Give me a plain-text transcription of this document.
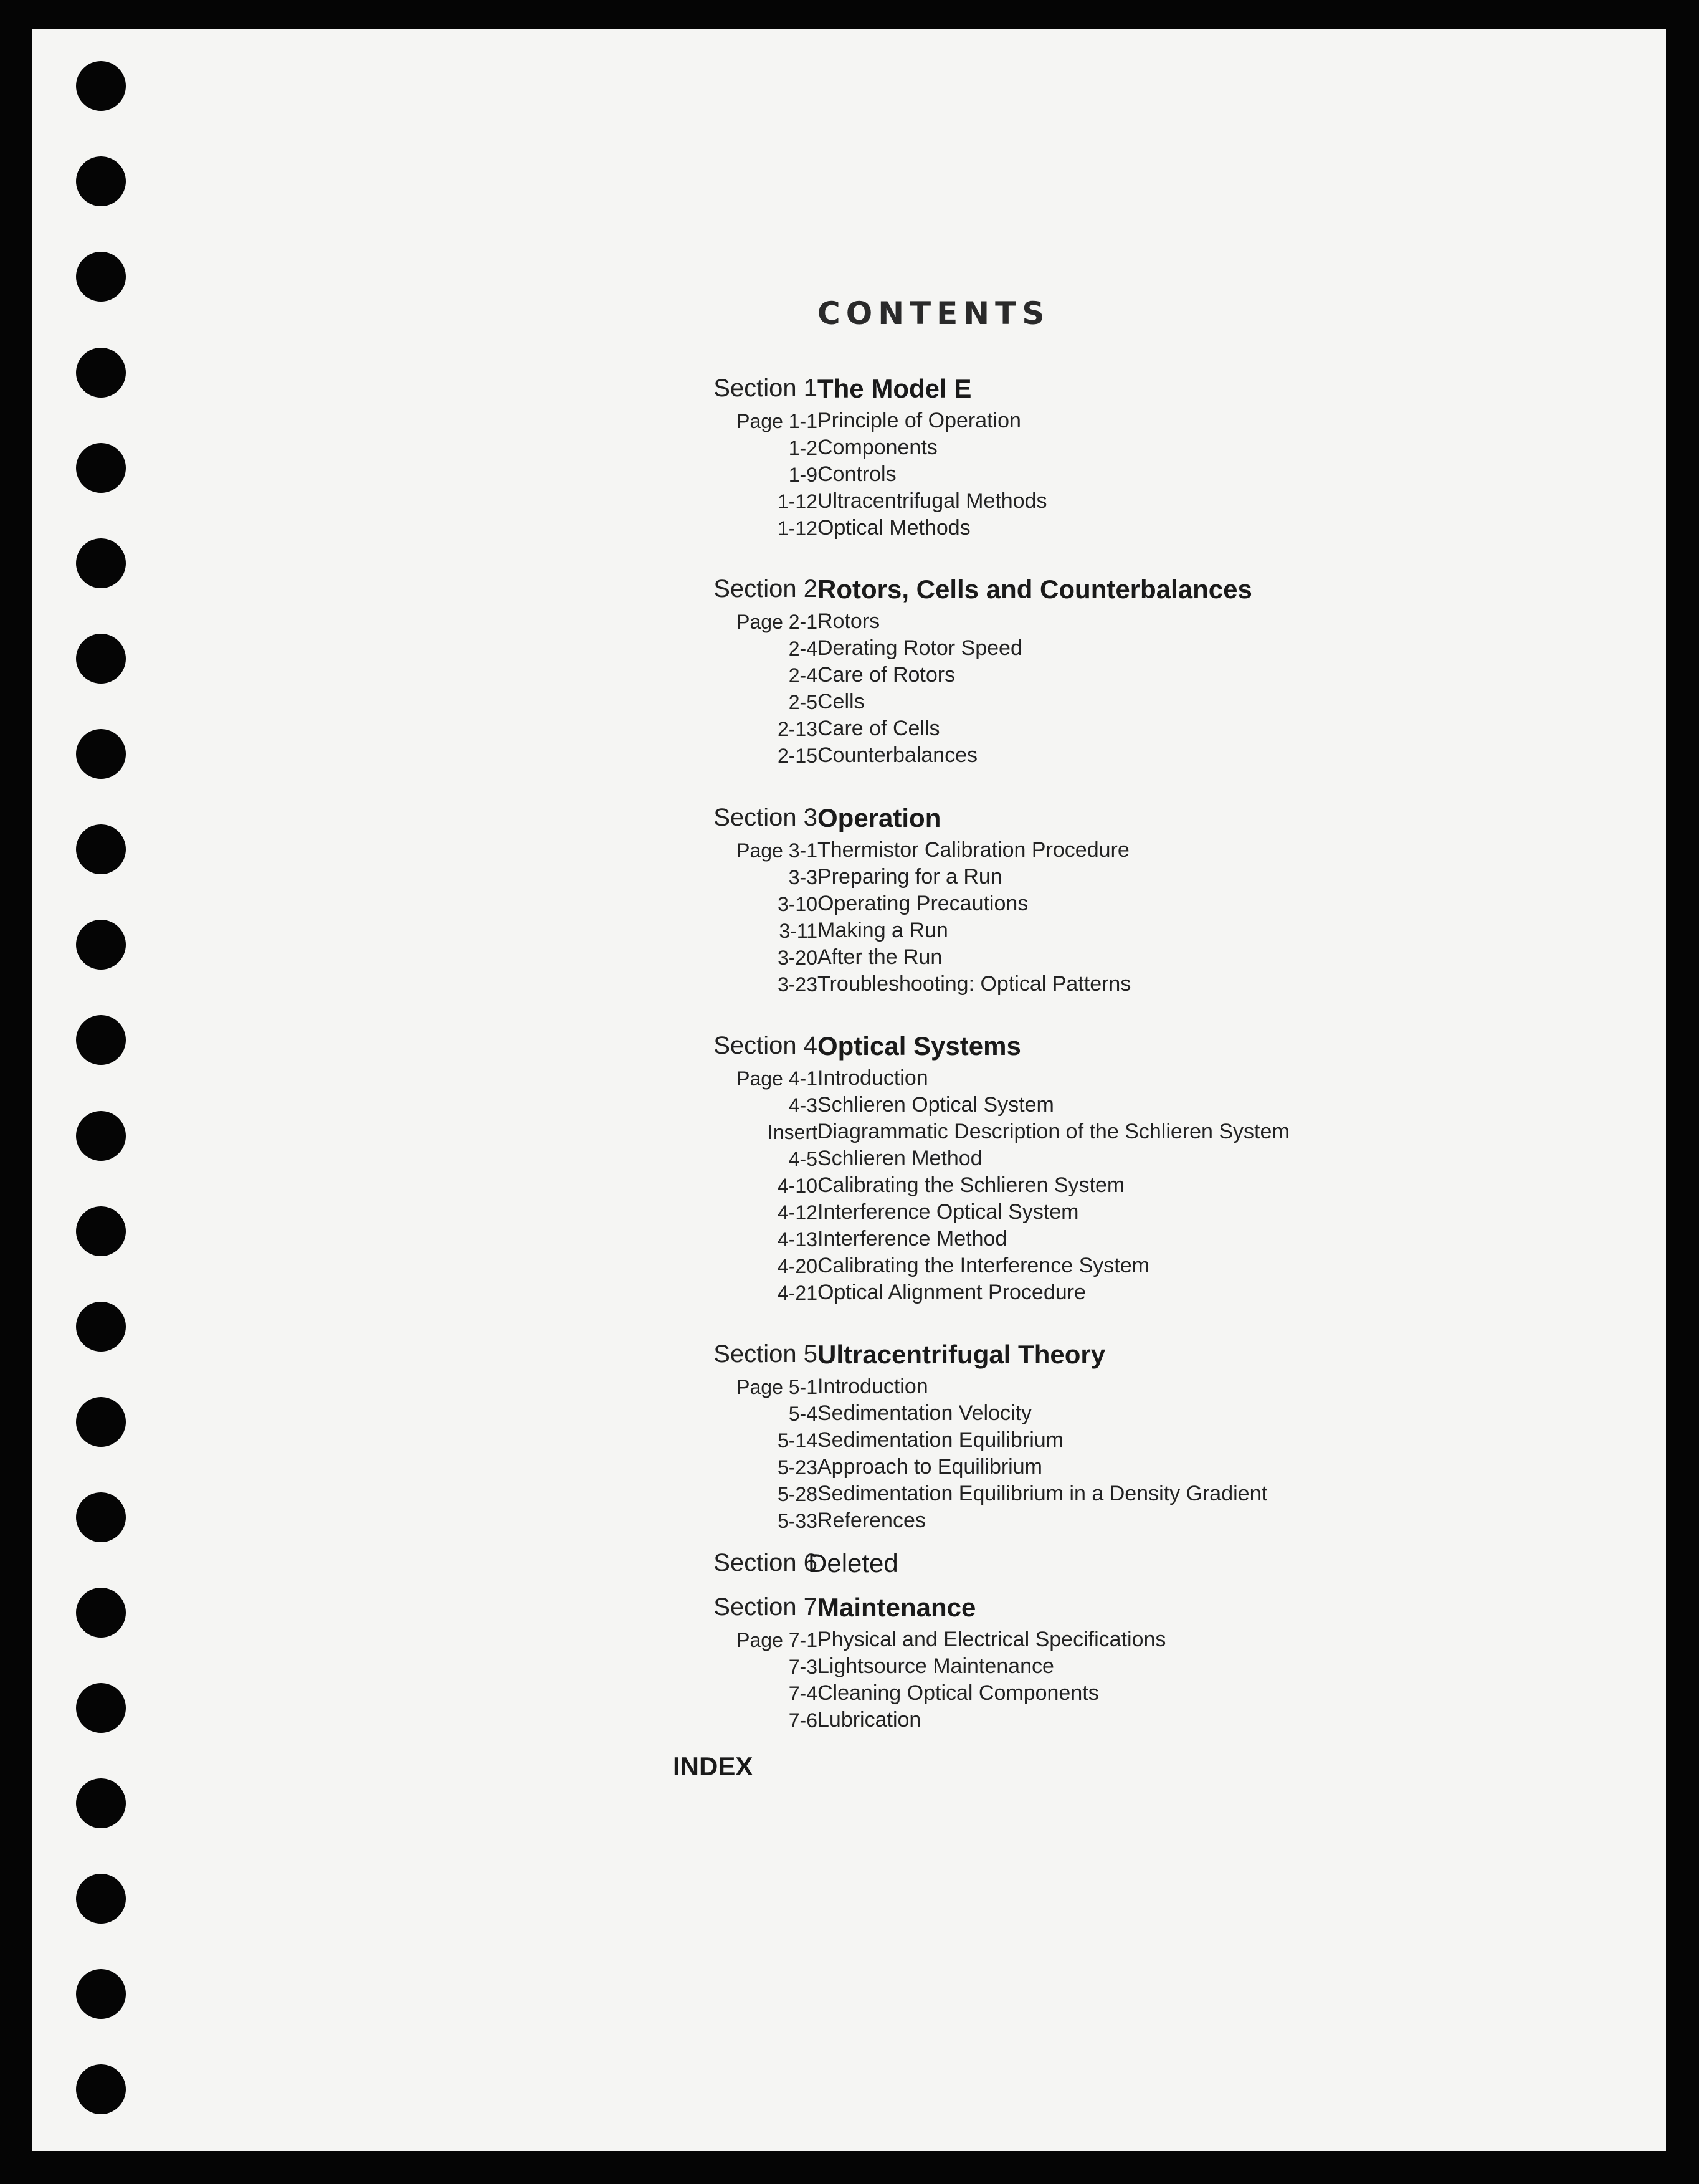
CONTENTS
Section 1 The Model E
Page 1-1 Principle of Operation
1-2 Components
1-9 Controls
1-12 Ultracentrifugal Methods
1-12 Optical Methods
Section 2 Rotors, Cells and Counterbalances
Page 2-1 Rotors
2-4 Derating Rotor Speed
2-4 Care of Rotors
2-5 Cells
2-13 Care of Cells
2-15 Counterbalances
Section 3 Operation
Page 3-1 Thermistor Calibration Procedure
3-3 Preparing for a Run
3-10 Operating Precautions
3-11 Making a Run
3-20 After the Run
3-23 Troubleshooting: Optical Patterns
Section 4 Optical Systems
Page 4-1 Introduction
4-3 Schlieren Optical System
Insert Diagrammatic Description of the Schlieren System
4-5 Schlieren Method
4-10 Calibrating the Schlieren System
4-12 Interference Optical System
4-13 Interference Method
4-20 Calibrating the Interference System
4-21 Optical Alignment Procedure
Section 5 Ultracentrifugal Theory
Page 5-1 Introduction
5-4 Sedimentation Velocity
5-14 Sedimentation Equilibrium
5-23 Approach to Equilibrium
5-28 Sedimentation Equilibrium in a Density Gradient
5-33 References
Section 6
Deleted
Section 7 Maintenance
Page 7-1 Physical and Electrical Specifications
7-3 Lightsource Maintenance
7-4 Cleaning Optical Components
7-6 Lubrication
INDEX
